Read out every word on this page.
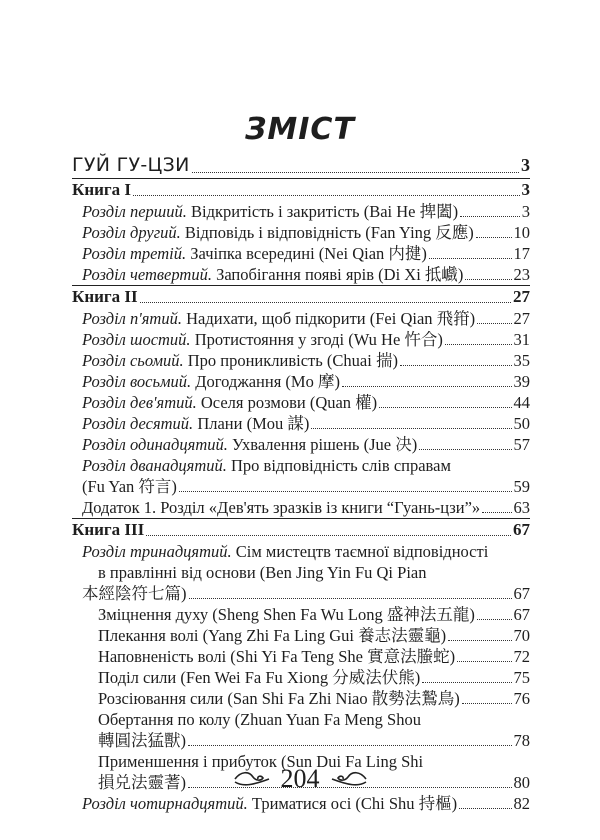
ЗМІСТ
ГУЙ ГУ-ЦЗИ	3
Книга І	3
Розділ перший. Відкритість і закритість (Bai He 捭闔)	3
Розділ другий. Відповідь і відповідність (Fan Ying 反應) 10
Розділ третій. Зачіпка всередині (Nei Qian 内揵)	17
Розділ четвертий. Запобігання появі ярів (Di Xi 抵巇)	23
Книга ІІ	27
Розділ п'ятий. Надихати, щоб підкорити (Fei Qian 飛箝) 27
Розділ шостий. Протистояння у згоді (Wu He 忤合)	31
Розділ сьомий. Про проникливість (Chuai 揣)	35
Розділ восьмий. Догоджання (Mo 摩)	39
Розділ дев'ятий. Оселя розмови (Quan 權)	44
Розділ десятий. Плани (Mou 謀)	50
Розділ одинадцятий. Ухвалення рішень (Jue 决)	57
Розділ дванадцятий. Про відповідність слів справам
(Fu Yan 符言)	59
Додаток 1. Розділ «Дев'ять зразків із книги “Гуань-цзи”» 63
Книга ІІІ	67
Розділ тринадцятий. Сім мистецтв таємної відповідності
в правлінні від основи (Ben Jing Yin Fu Qi Pian
本經陰符七篇)	67
Зміцнення духу (Sheng Shen Fa Wu Long 盛神法五龍) 67
Плекання волі (Yang Zhi Fa Ling Gui 養志法靈龜)	70
Наповненість волі (Shi Yi Fa Teng She 實意法螣蛇)	72
Поділ сили (Fen Wei Fa Fu Xiong 分威法伏熊)	75
Розсіювання сили (San Shi Fa Zhi Niao 散勢法鷙鳥)	76
Обертання по колу (Zhuan Yuan Fa Meng Shou
轉圓法猛獸)	78
Применшення і прибуток (Sun Dui Fa Ling Shi
損兑法靈蓍)	80
Розділ чотирнадцятий. Триматися осі (Chi Shu 持樞)	82
204
